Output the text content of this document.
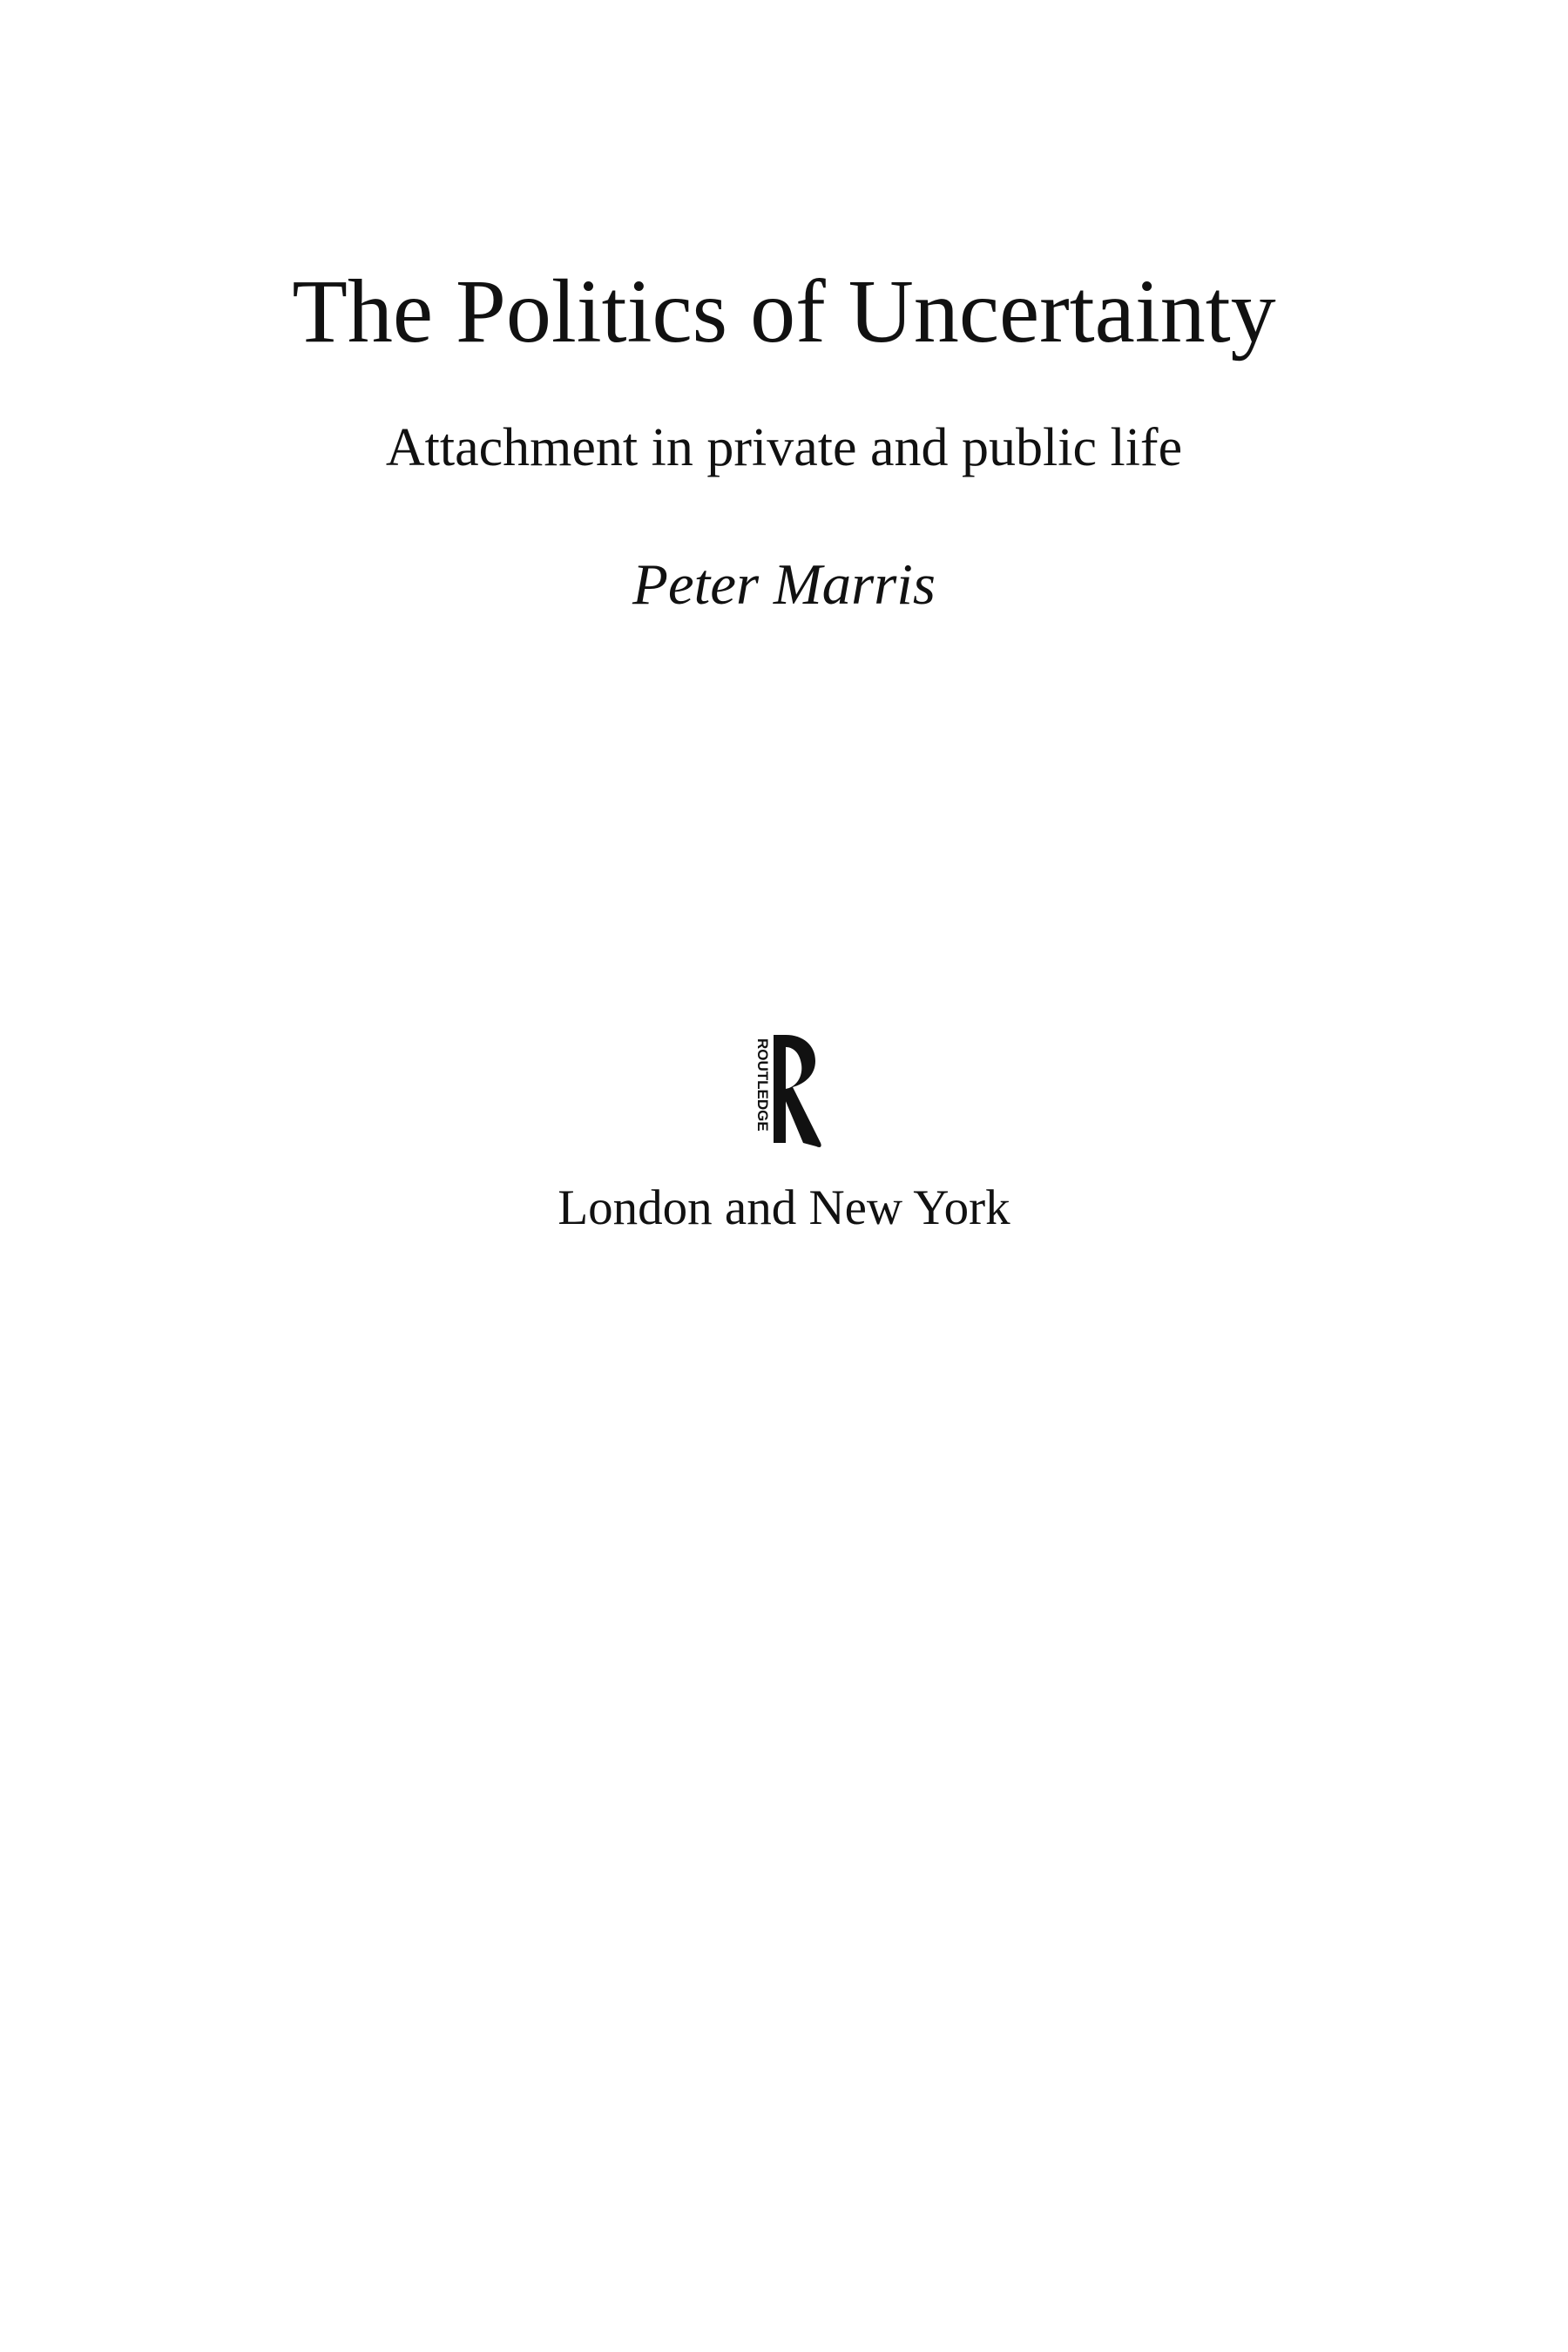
The Politics of Uncertainty
Attachment in private and public life
Peter Marris
ROUTLEDGE
London and New York
